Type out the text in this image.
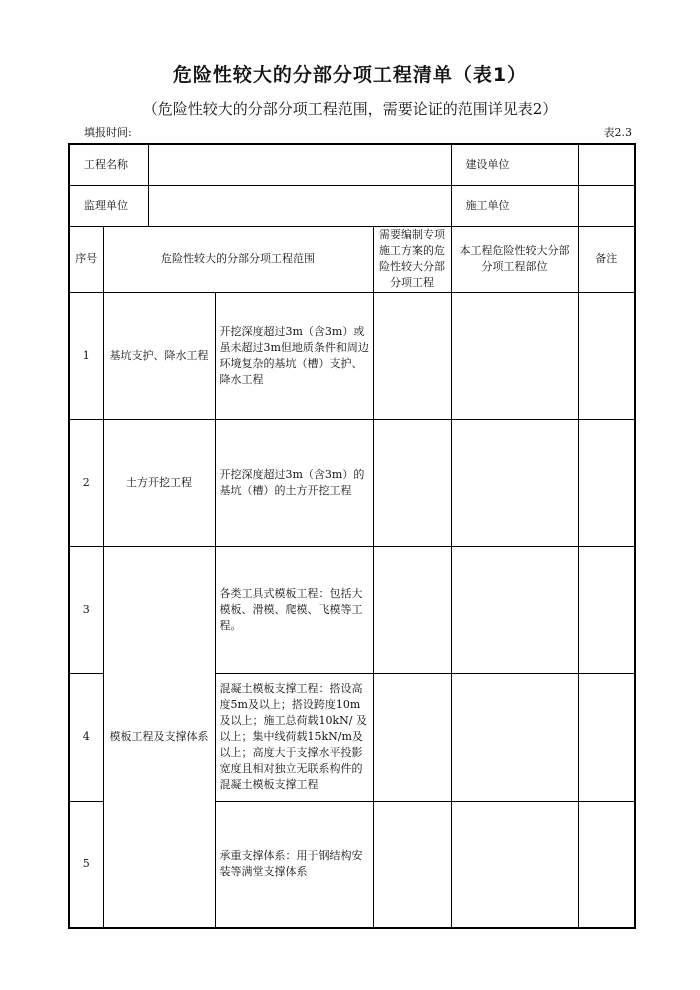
危险性较大的分部分项工程清单（表1）
（危险性较大的分部分项工程范围，需要论证的范围详见表2）
填报时间:	表2.3
工程名称					建设单位	
监理单位					施工单位	
序号	危险性较大的分部分项工程范围			需要编制专项施工方案的危险性较大分部分项工程	本工程危险性较大分部分项工程部位	备注
1	基坑支护、降水工程		开挖深度超过3m（含3m）或虽未超过3m但地质条件和周边环境复杂的基坑（槽）支护、降水工程			
2	土方开挖工程		开挖深度超过3m（含3m）的基坑（槽）的土方开挖工程			
3	模板工程及支撑体系		各类工具式模板工程：包括大模板、滑模、爬模、飞模等工程。			
4			混凝土模板支撑工程：搭设高度5m及以上；搭设跨度10m及以上；施工总荷载10kN/ 及以上；集中线荷载15kN/m及以上；高度大于支撑水平投影宽度且相对独立无联系构件的混凝土模板支撑工程			
5			承重支撑体系：用于钢结构安装等满堂支撑体系			
